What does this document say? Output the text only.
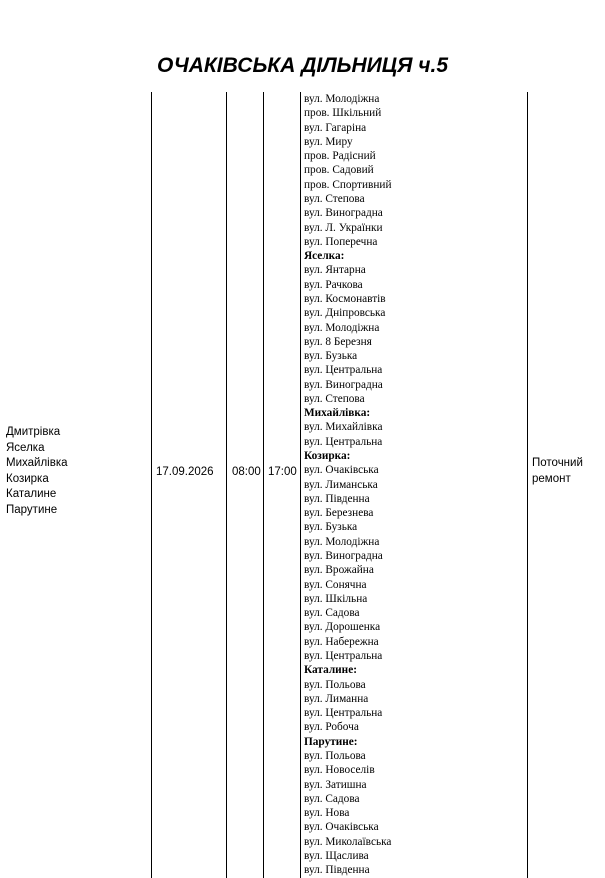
ОЧАКІВСЬКА ДІЛЬНИЦЯ ч.5
Дмитрівка
Яселка
Михайлівка
Козирка
Каталине
Парутине
17.09.2026 08:00 17:00
вул. Молодіжна
пров. Шкільний
вул. Гагаріна
вул. Миру
пров. Радісний
пров. Садовий
пров. Спортивний
вул. Степова
вул. Виноградна
вул. Л. Українки
вул. Поперечна
Яселка:
вул. Янтарна
вул. Рачкова
вул. Космонавтів
вул. Дніпровська
вул. Молодіжна
вул. 8 Березня
вул. Бузька
вул. Центральна
вул. Виноградна
вул. Степова
Михайлівка:
вул. Михайлівка
вул. Центральна
Козирка:
вул. Очаківська
вул. Лиманська
вул. Південна
вул. Березнева
вул. Бузька
вул. Молодіжна
вул. Виноградна
вул. Врожайна
вул. Сонячна
вул. Шкільна
вул. Садова
вул. Дорошенка
вул. Набережна
вул. Центральна
Каталине:
вул. Польова
вул. Лиманна
вул. Центральна
вул. Робоча
Парутине:
вул. Польова
вул. Новоселів
вул. Затишна
вул. Садова
вул. Нова
вул. Очаківська
вул. Миколаївська
вул. Щаслива
вул. Південна
Поточний
ремонт
